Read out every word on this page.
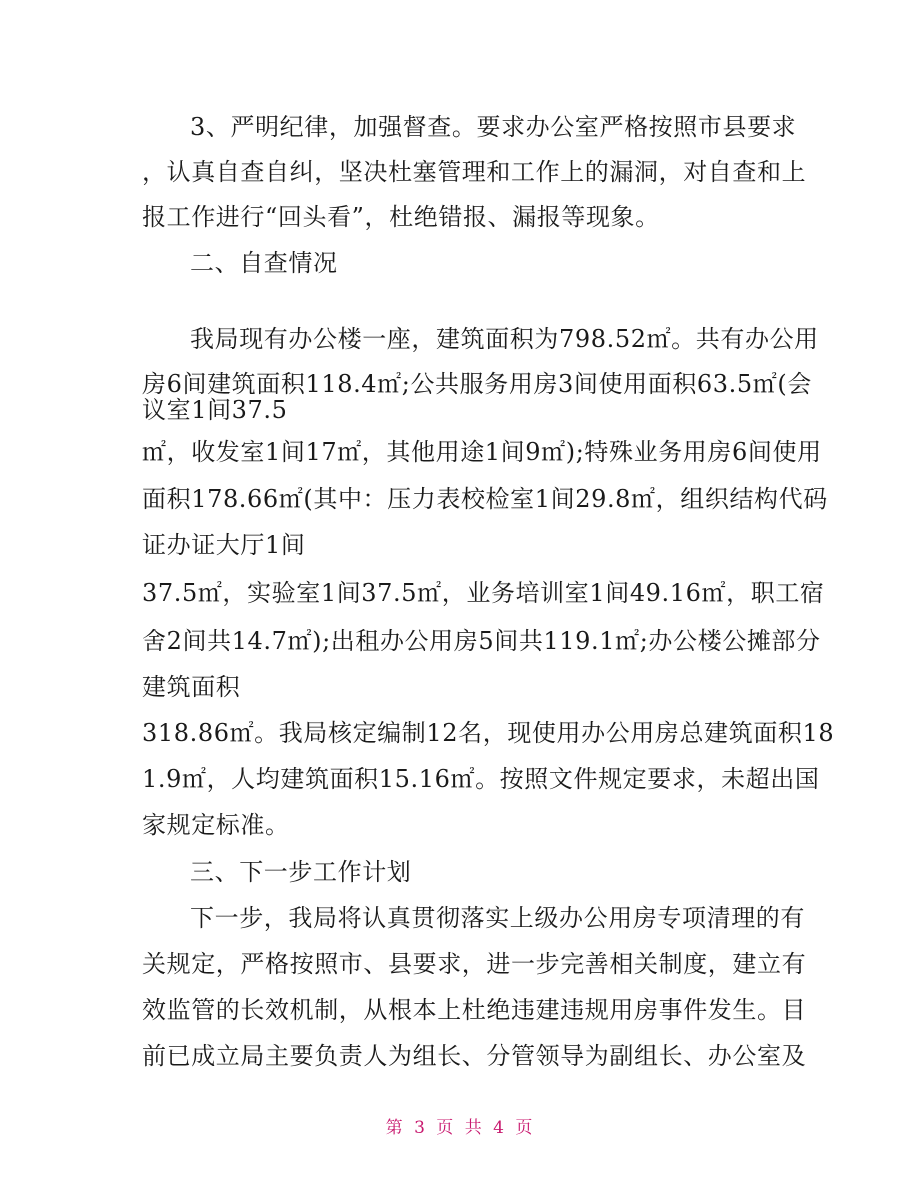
3、严明纪律，加强督查。要求办公室严格按照市县要求

，认真自查自纠，坚决杜塞管理和工作上的漏洞，对自查和上

报工作进行“回头看”，杜绝错报、漏报等现象。

二、自查情况

我局现有办公楼一座，建筑面积为798.52㎡。共有办公用

房6间建筑面积118.4㎡;公共服务用房3间使用面积63.5㎡(会

议室1间37.5

㎡，收发室1间17㎡，其他用途1间9㎡);特殊业务用房6间使用

面积178.66㎡(其中：压力表校检室1间29.8㎡，组织结构代码

证办证大厅1间

37.5㎡，实验室1间37.5㎡，业务培训室1间49.16㎡，职工宿

舍2间共14.7㎡);出租办公用房5间共119.1㎡;办公楼公摊部分

建筑面积

318.86㎡。我局核定编制12名，现使用办公用房总建筑面积18

1.9㎡，人均建筑面积15.16㎡。按照文件规定要求，未超出国

家规定标准。

三、下一步工作计划

下一步，我局将认真贯彻落实上级办公用房专项清理的有

关规定，严格按照市、县要求，进一步完善相关制度，建立有

效监管的长效机制，从根本上杜绝违建违规用房事件发生。目

前已成立局主要负责人为组长、分管领导为副组长、办公室及

第 3 页 共 4 页
